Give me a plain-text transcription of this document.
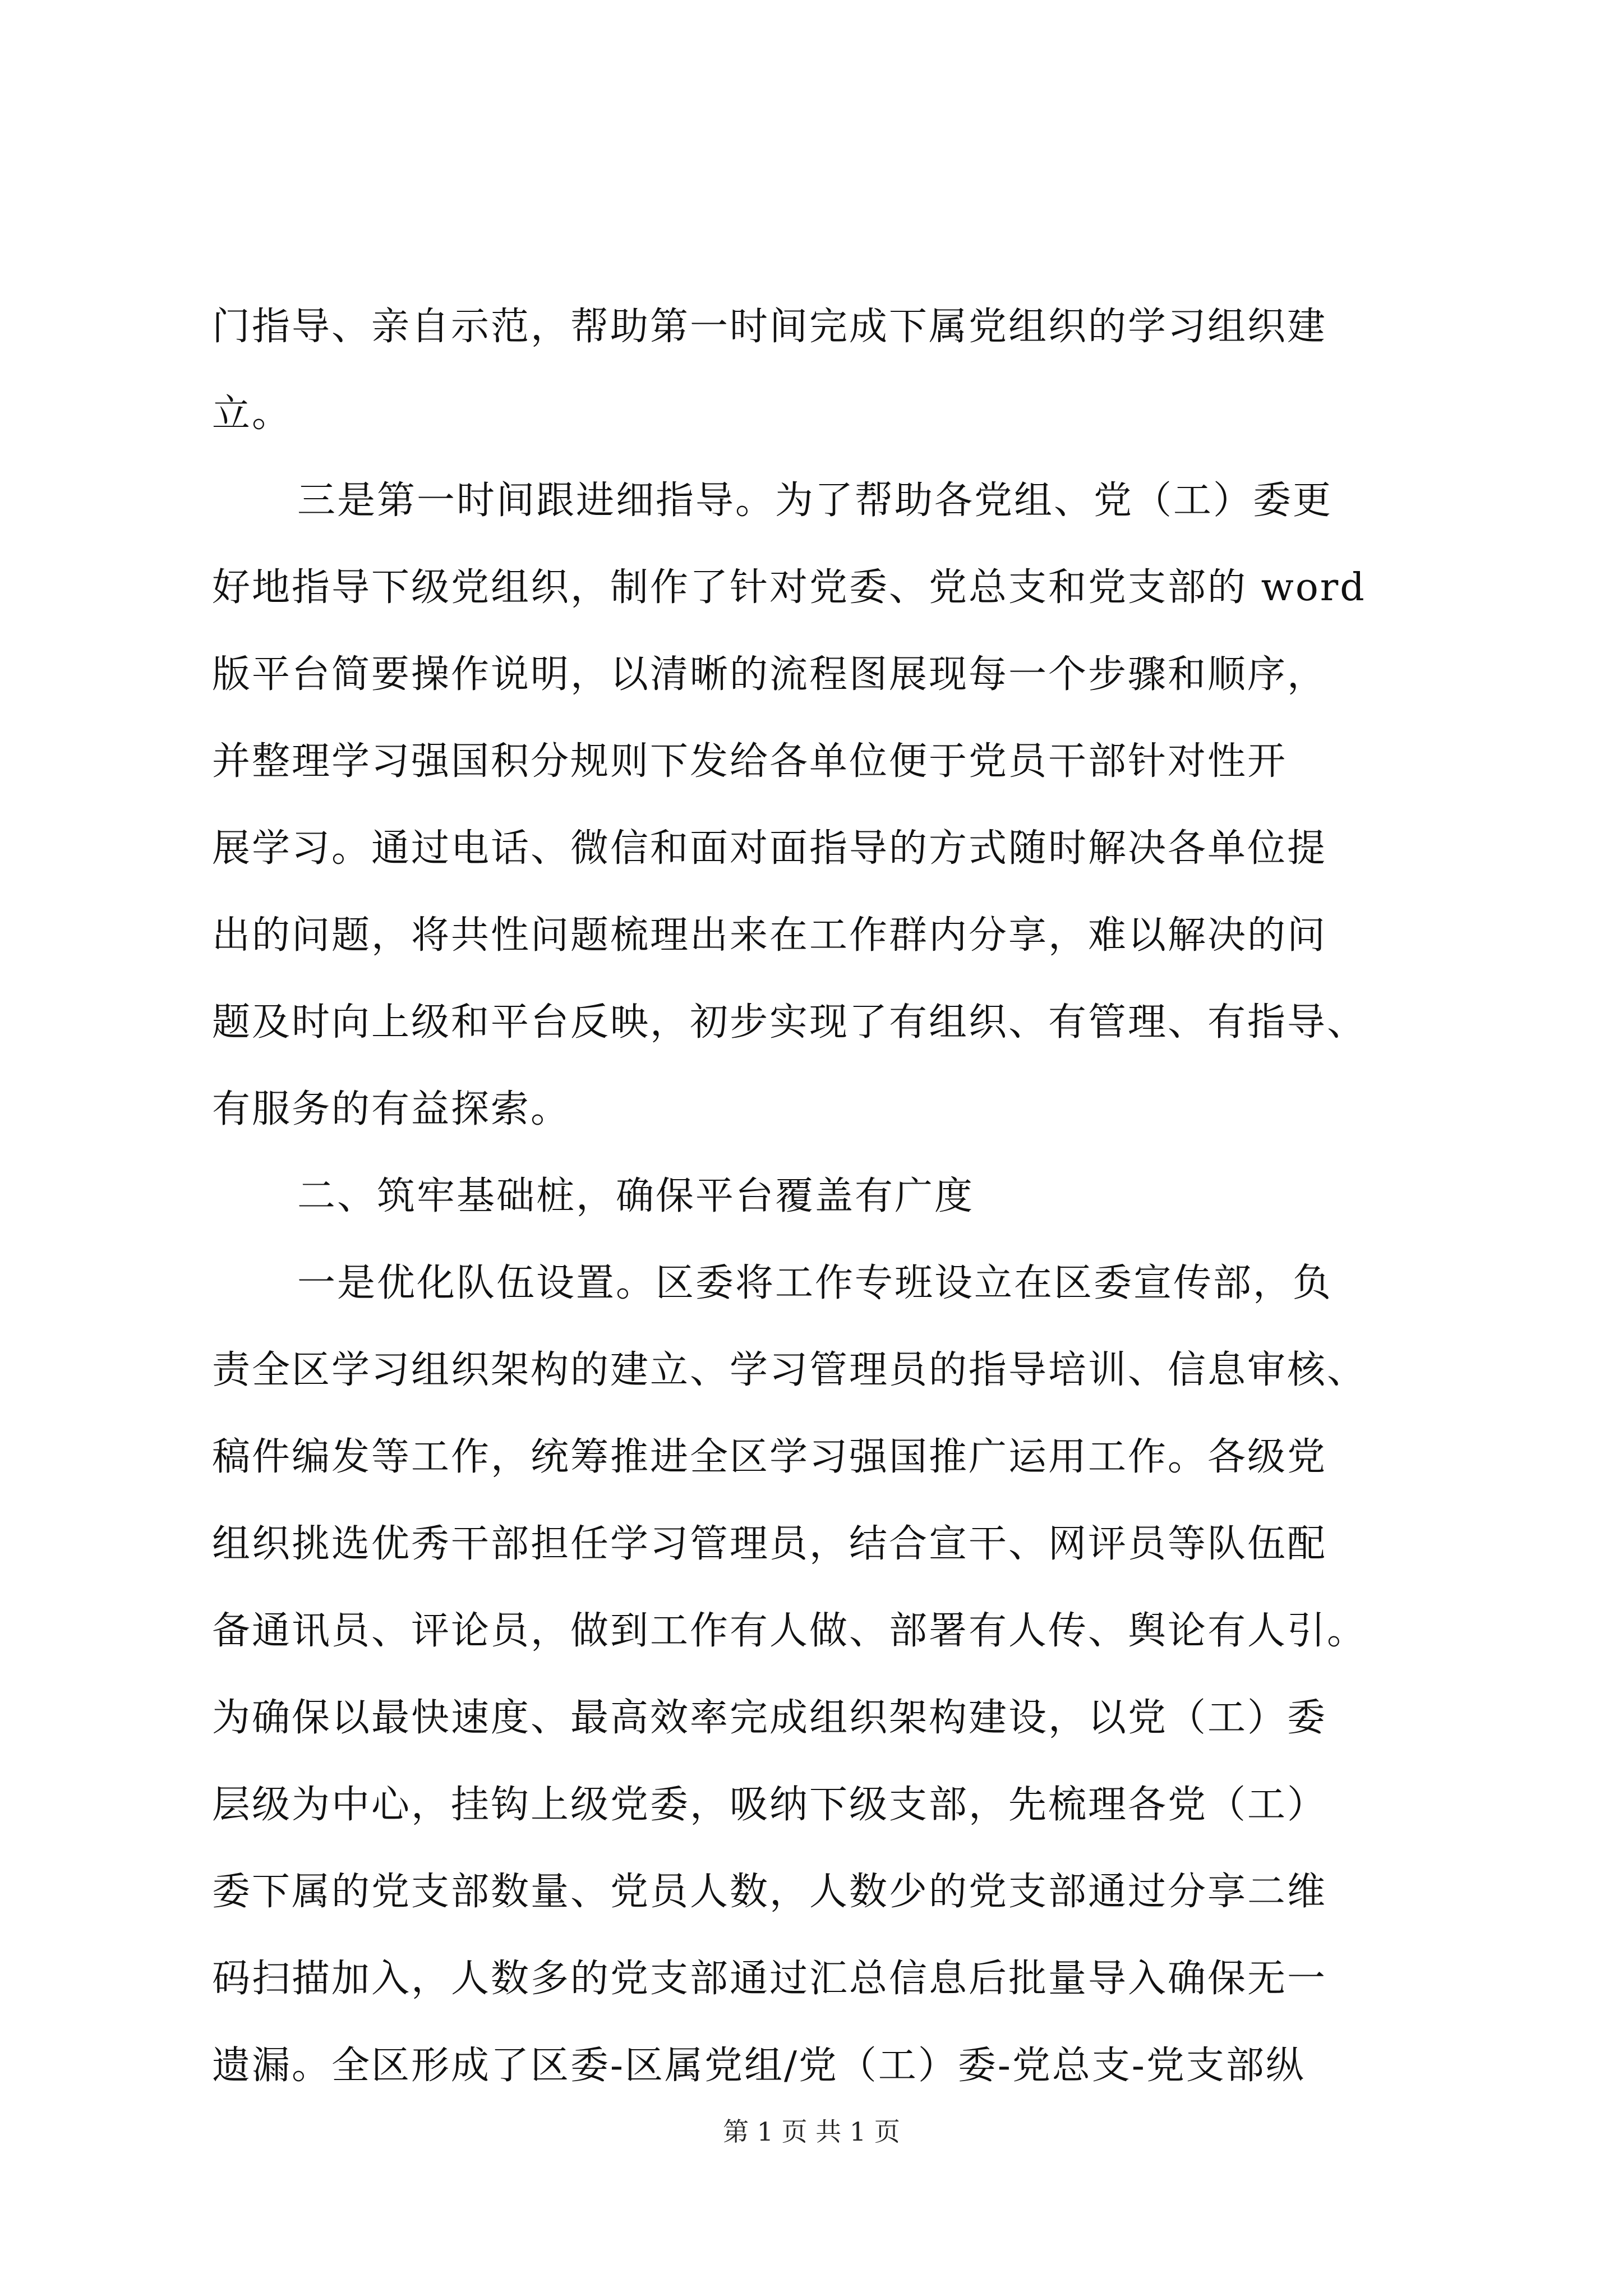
门指导、亲自示范，帮助第一时间完成下属党组织的学习组织建
立。
三是第一时间跟进细指导。为了帮助各党组、党（工）委更
好地指导下级党组织，制作了针对党委、党总支和党支部的 word
版平台简要操作说明，以清晰的流程图展现每一个步骤和顺序，
并整理学习强国积分规则下发给各单位便于党员干部针对性开
展学习。通过电话、微信和面对面指导的方式随时解决各单位提
出的问题，将共性问题梳理出来在工作群内分享，难以解决的问
题及时向上级和平台反映，初步实现了有组织、有管理、有指导、
有服务的有益探索。
二、筑牢基础桩，确保平台覆盖有广度
一是优化队伍设置。区委将工作专班设立在区委宣传部，负
责全区学习组织架构的建立、学习管理员的指导培训、信息审核、
稿件编发等工作，统筹推进全区学习强国推广运用工作。各级党
组织挑选优秀干部担任学习管理员，结合宣干、网评员等队伍配
备通讯员、评论员，做到工作有人做、部署有人传、舆论有人引。
为确保以最快速度、最高效率完成组织架构建设，以党（工）委
层级为中心，挂钩上级党委，吸纳下级支部，先梳理各党（工）
委下属的党支部数量、党员人数，人数少的党支部通过分享二维
码扫描加入，人数多的党支部通过汇总信息后批量导入确保无一
遗漏。全区形成了区委-区属党组/党（工）委-党总支-党支部纵
第 1 页 共 1 页
